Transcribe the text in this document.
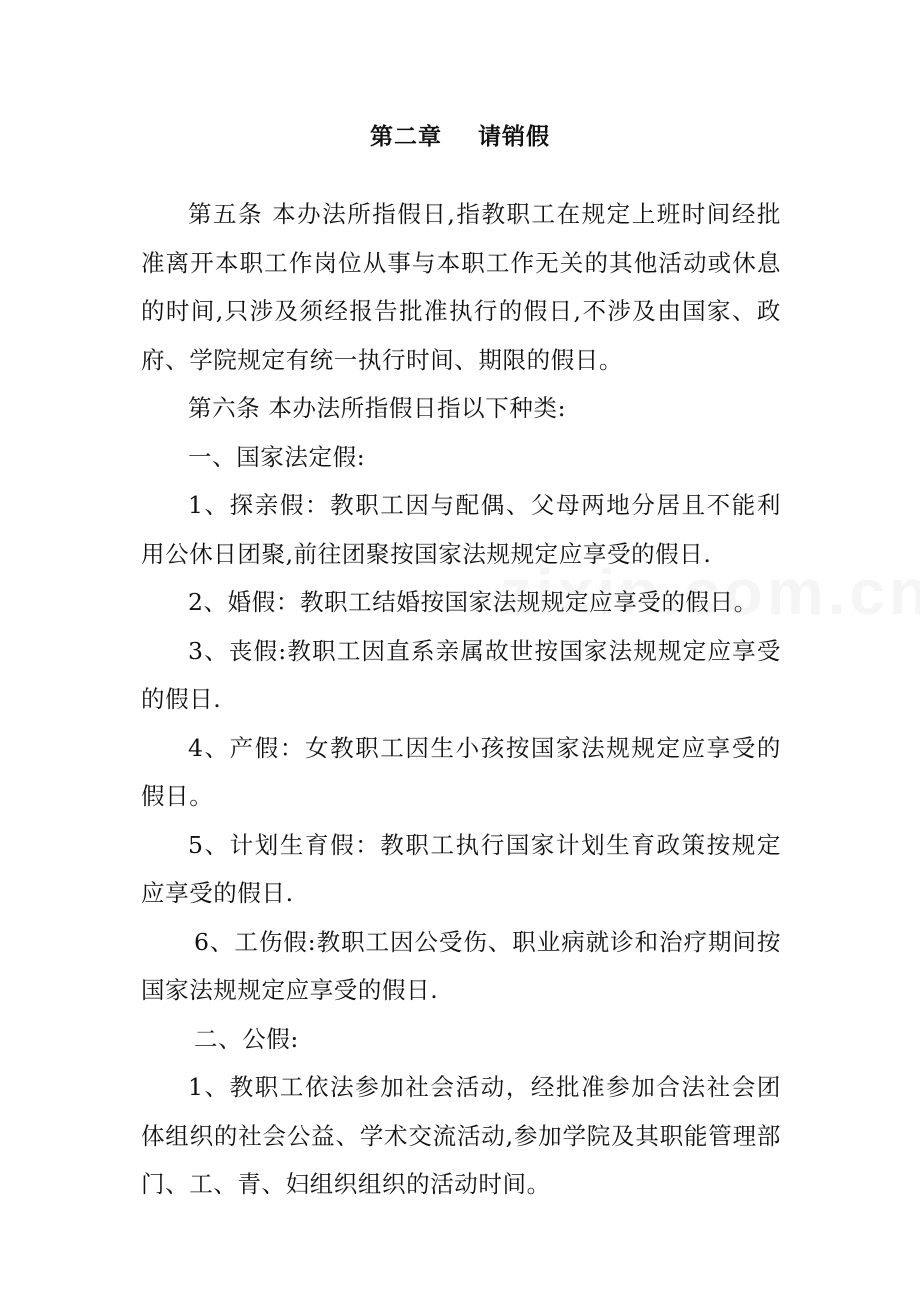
第二章    请销假

第五条 本办法所指假日,指教职工在规定上班时间经批准离开本职工作岗位从事与本职工作无关的其他活动或休息的时间,只涉及须经报告批准执行的假日,不涉及由国家、政府、学院规定有统一执行时间、期限的假日。

第六条 本办法所指假日指以下种类:

一、国家法定假:

1、探亲假：教职工因与配偶、父母两地分居且不能利用公休日团聚,前往团聚按国家法规规定应享受的假日.

2、婚假：教职工结婚按国家法规规定应享受的假日。

3、丧假:教职工因直系亲属故世按国家法规规定应享受的假日.

4、产假：女教职工因生小孩按国家法规规定应享受的假日。

5、计划生育假：教职工执行国家计划生育政策按规定应享受的假日.

6、工伤假:教职工因公受伤、职业病就诊和治疗期间按国家法规规定应享受的假日.

二、公假:

1、教职工依法参加社会活动，经批准参加合法社会团体组织的社会公益、学术交流活动,参加学院及其职能管理部门、工、青、妇组织组织的活动时间。
